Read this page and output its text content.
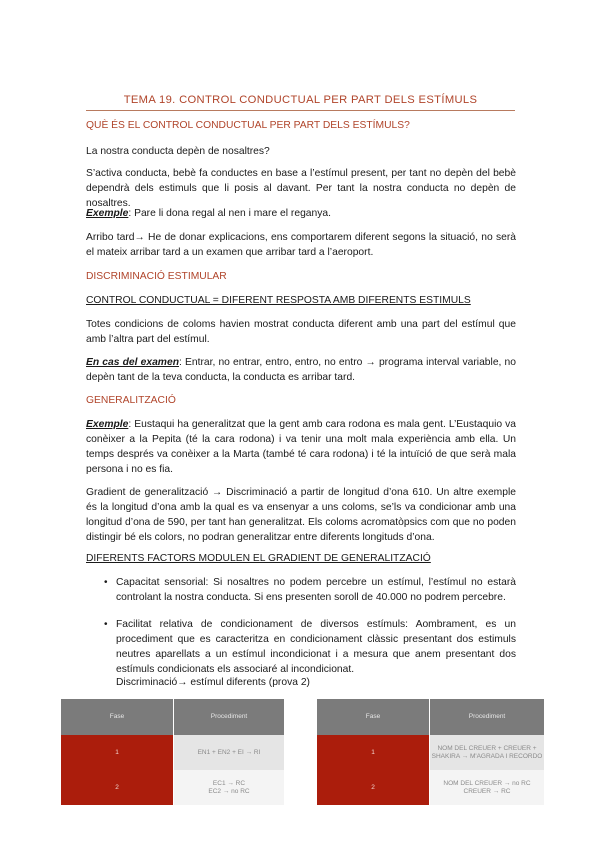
TEMA 19. CONTROL CONDUCTUAL PER PART DELS ESTÍMULS
QUÈ ÉS EL CONTROL CONDUCTUAL PER PART DELS ESTÍMULS?
La nostra conducta depèn de nosaltres?
S’activa conducta, bebè fa conductes en base a l’estímul present, per tant no depèn del bebè dependrà dels estimuls que li posis al davant. Per tant la nostra conducta no depèn de nosaltres.
Exemple: Pare li dona regal al nen i mare el reganya.
Arribo tard→ He de donar explicacions, ens comportarem diferent segons la situació, no serà el mateix arribar tard a un examen que arribar tard a l’aeroport.
DISCRIMINACIÓ ESTIMULAR
CONTROL CONDUCTUAL = DIFERENT RESPOSTA AMB DIFERENTS ESTIMULS
Totes condicions de coloms havien mostrat conducta diferent amb una part del estímul que amb l’altra part del estímul.
En cas del examen: Entrar, no entrar, entro, entro, no entro → programa interval variable, no depèn tant de la teva conducta, la conducta es arribar tard.
GENERALITZACIÓ
Exemple: Eustaqui ha generalitzat que la gent amb cara rodona es mala gent. L’Eustaquio va conèixer a la Pepita (té la cara rodona) i va tenir una molt mala experiència amb ella. Un temps després va conèixer a la Marta (també té cara rodona) i té la intuïció de que serà mala persona i no es fia.
Gradient de generalització → Discriminació a partir de longitud d’ona 610. Un altre exemple és la longitud d’ona amb la qual es va ensenyar a uns coloms, se’ls va condicionar amb una longitud d’ona de 590, per tant han generalitzat. Els coloms acromatòpsics com que no poden distingir bé els colors, no podran generalitzar entre diferents longituds d’ona.
DIFERENTS FACTORS MODULEN EL GRADIENT DE GENERALITZACIÓ
• Capacitat sensorial: Si nosaltres no podem percebre un estímul, l’estímul no estarà controlant la nostra conducta. Si ens presenten soroll de 40.000 no podrem percebre.
• Facilitat relativa de condicionament de diversos estímuls: Aombrament, es un procediment que es caracteritza en condicionament clàssic presentant dos estimuls neutres aparellats a un estímul incondicionat i a mesura que anem presentant dos estímuls condicionats els associaré al incondicionat.
Discriminació→ estímul diferents (prova 2)
Fase		Procediment
1		EN1 + EN2 + EI → RI

2		EC1 → RC
EC2 → no RC
Fase		Procediment
1		NOM DEL CREUER + CREUER +
SHAKIRA → M'AGRADA I RECORDO

2		NOM DEL CREUER → no RC
CREUER → RC
